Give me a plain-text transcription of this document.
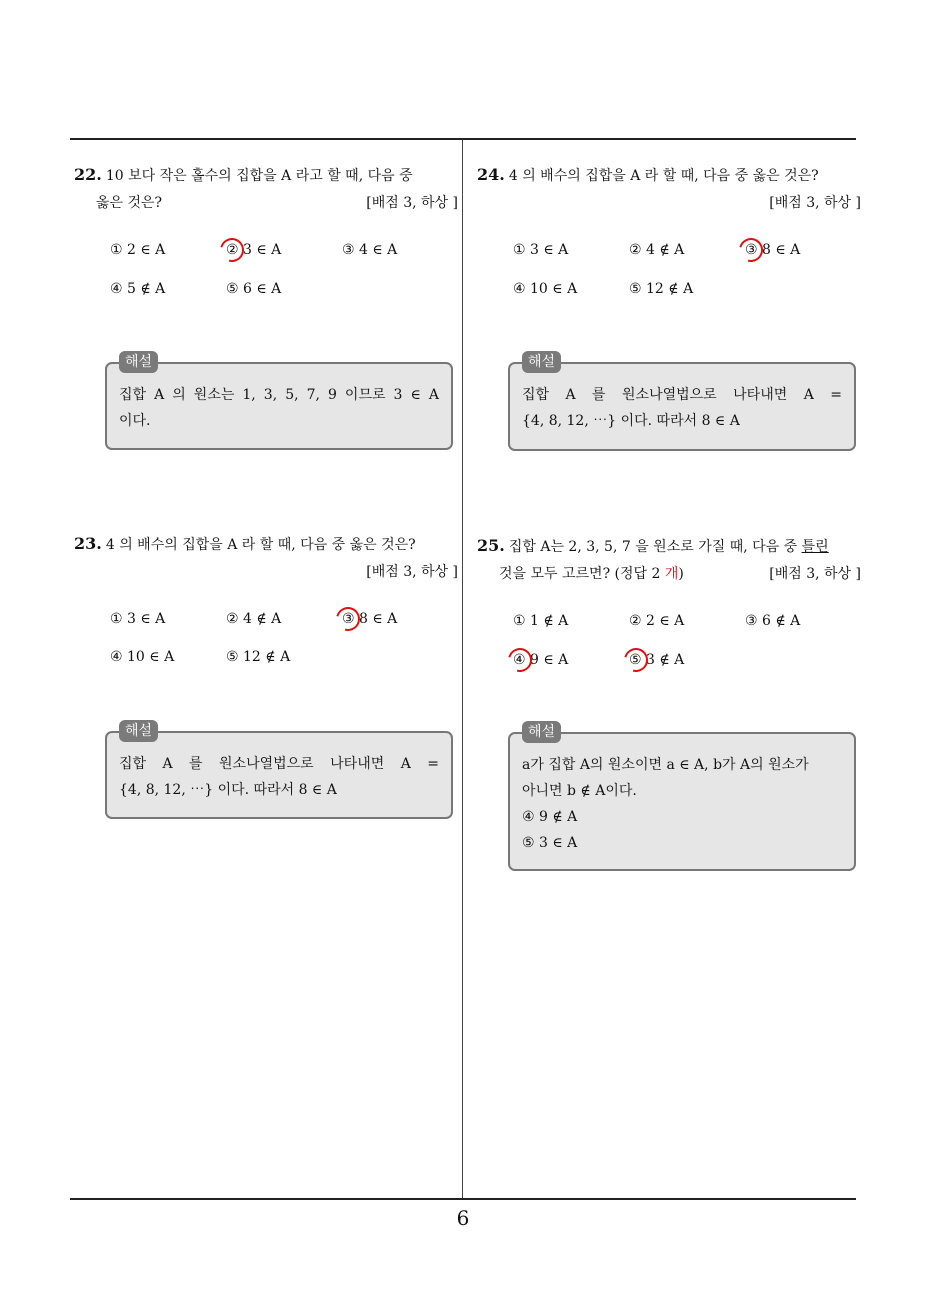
22. 10 보다 작은 홀수의 집합을 A 라고 할 때, 다음 중
옳은 것은?	[배점 3, 하상 ]
① 2 ∈ A	② 3 ∈ A	③ 4 ∈ A
④ 5 ∉ A	⑤ 6 ∈ A
해설
집합 A 의 원소는 1, 3, 5, 7, 9 이므로 3 ∈ A
이다.
23. 4 의 배수의 집합을 A 라 할 때, 다음 중 옳은 것은?
[배점 3, 하상 ]
① 3 ∈ A	② 4 ∉ A	③ 8 ∈ A
④ 10 ∈ A	⑤ 12 ∉ A
해설
집합 A 를 원소나열법으로 나타내면 A =
{4, 8, 12, ⋯} 이다. 따라서 8 ∈ A
24. 4 의 배수의 집합을 A 라 할 때, 다음 중 옳은 것은?
[배점 3, 하상 ]
① 3 ∈ A	② 4 ∉ A	③ 8 ∈ A
④ 10 ∈ A	⑤ 12 ∉ A
해설
집합 A 를 원소나열법으로 나타내면 A =
{4, 8, 12, ⋯} 이다. 따라서 8 ∈ A
25. 집합 A는 2, 3, 5, 7 을 원소로 가질 때, 다음 중 틀린
것을 모두 고르면? (정답 2 개)	[배점 3, 하상 ]
① 1 ∉ A	② 2 ∈ A	③ 6 ∉ A
④ 9 ∈ A	⑤ 3 ∉ A
해설
a가 집합 A의 원소이면 a ∈ A, b가 A의 원소가
아니면 b ∉ A이다.
④ 9 ∉ A
⑤ 3 ∈ A
6
